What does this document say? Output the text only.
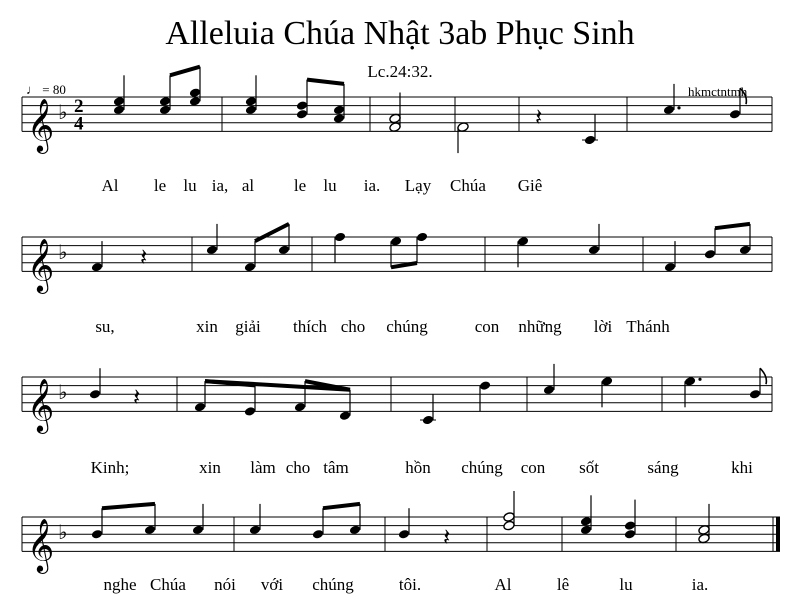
𝄞 ♭ 2
4	𝄽
𝄞 ♭	𝄽
𝄞 ♭	𝄽
𝄞 ♭	𝄽
Alleluia Chúa Nhật 3ab Phục Sinh
Lc.24:32.
hkmctntmh
♩ = 80
Al le lu ia, al le lu ia. Lạy Chúa Giê
su,	xin giải thích cho chúng	con những lời Thánh
Kinh;	xin làm cho tâm	hồn chúng con sốt	sáng	khi
nghe Chúa nói với chúng	tôi.	Al	lê	lu	ia.
